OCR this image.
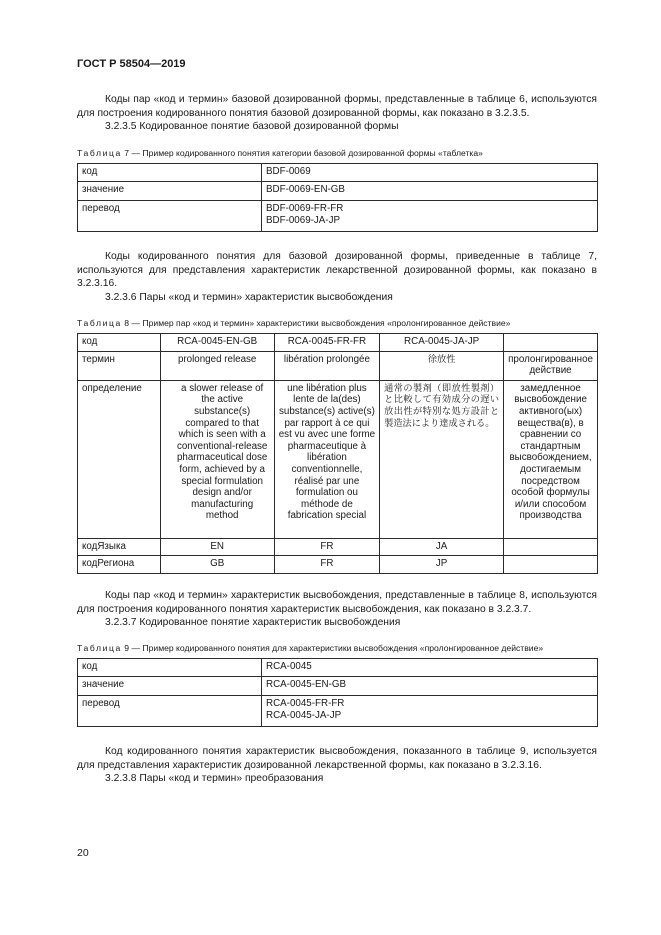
ГОСТ Р 58504—2019
Коды пар «код и термин» базовой дозированной формы, представленные в таблице 6, используются для построения кодированного понятия базовой дозированной формы, как показано в 3.2.3.5.
3.2.3.5 Кодированное понятие базовой дозированной формы
Таблица 7 — Пример кодированного понятия категории базовой дозированной формы «таблетка»
код	BDF-0069
значение	BDF-0069-EN-GB
перевод	BDF-0069-FR-FR
BDF-0069-JA-JP
Коды кодированного понятия для базовой дозированной формы, приведенные в таблице 7, используются для представления характеристик лекарственной дозированной формы, как показано в 3.2.3.16.
3.2.3.6 Пары «код и термин» характеристик высвобождения
Таблица 8 — Пример пар «код и термин» характеристики высвобождения «пролонгированное действие»
код	RCA-0045-EN-GB	RCA-0045-FR-FR	RCA-0045-JA-JP	
термин	prolonged release	libération prolongée	徐放性	пролонгированное действие
определение	a slower release of the active substance(s) compared to that which is seen with a conventional-release pharmaceutical dose form, achieved by a special formulation design and/or manufacturing method	une libération plus lente de la(des) substance(s) active(s) par rapport à ce qui est vu avec une forme pharmaceutique à libération conventionnelle, réalisé par une formulation ou méthode de fabrication special	通常の製剤（即放性製剤）と比較して有効成分の遅い放出性が特別な処方設計と製造法により達成される。	замедленное высвобождение активного(ых) вещества(в), в сравнении со стандартным высвобождением, достигаемым посредством особой формулы и/или способом производства
кодЯзыка	EN	FR	JA	
кодРегиона	GB	FR	JP	
Коды пар «код и термин» характеристик высвобождения, представленные в таблице 8, используются для построения кодированного понятия характеристик высвобождения, как показано в 3.2.3.7.
3.2.3.7 Кодированное понятие характеристик высвобождения
Таблица 9 — Пример кодированного понятия для характеристики высвобождения «пролонгированное действие»
код	RCA-0045
значение	RCA-0045-EN-GB
перевод	RCA-0045-FR-FR
RCA-0045-JA-JP
Код кодированного понятия характеристик высвобождения, показанного в таблице 9, используется для представления характеристик дозированной лекарственной формы, как показано в 3.2.3.16.
3.2.3.8 Пары «код и термин» преобразования
20
